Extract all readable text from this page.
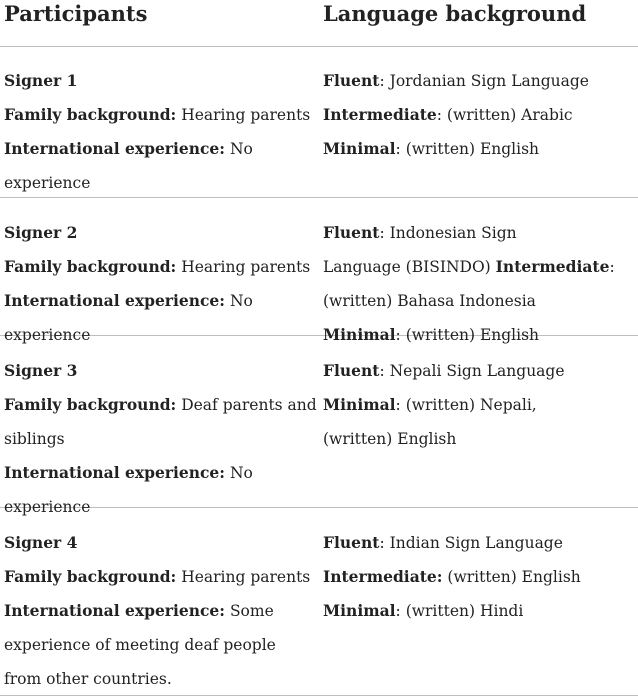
Participants	Language background
Signer 1
Family background: Hearing parents
International experience: No
experience
Fluent: Jordanian Sign Language
Intermediate: (written) Arabic
Minimal: (written) English
Signer 2
Family background: Hearing parents
International experience: No
experience
Fluent: Indonesian Sign
Language (BISINDO) Intermediate:
(written) Bahasa Indonesia
Minimal: (written) English
Signer 3
Family background: Deaf parents and
siblings
International experience: No
experience
Fluent: Nepali Sign Language
Minimal: (written) Nepali,
(written) English
Signer 4
Family background: Hearing parents
International experience: Some
experience of meeting deaf people
from other countries.
Fluent: Indian Sign Language
Intermediate: (written) English
Minimal: (written) Hindi
